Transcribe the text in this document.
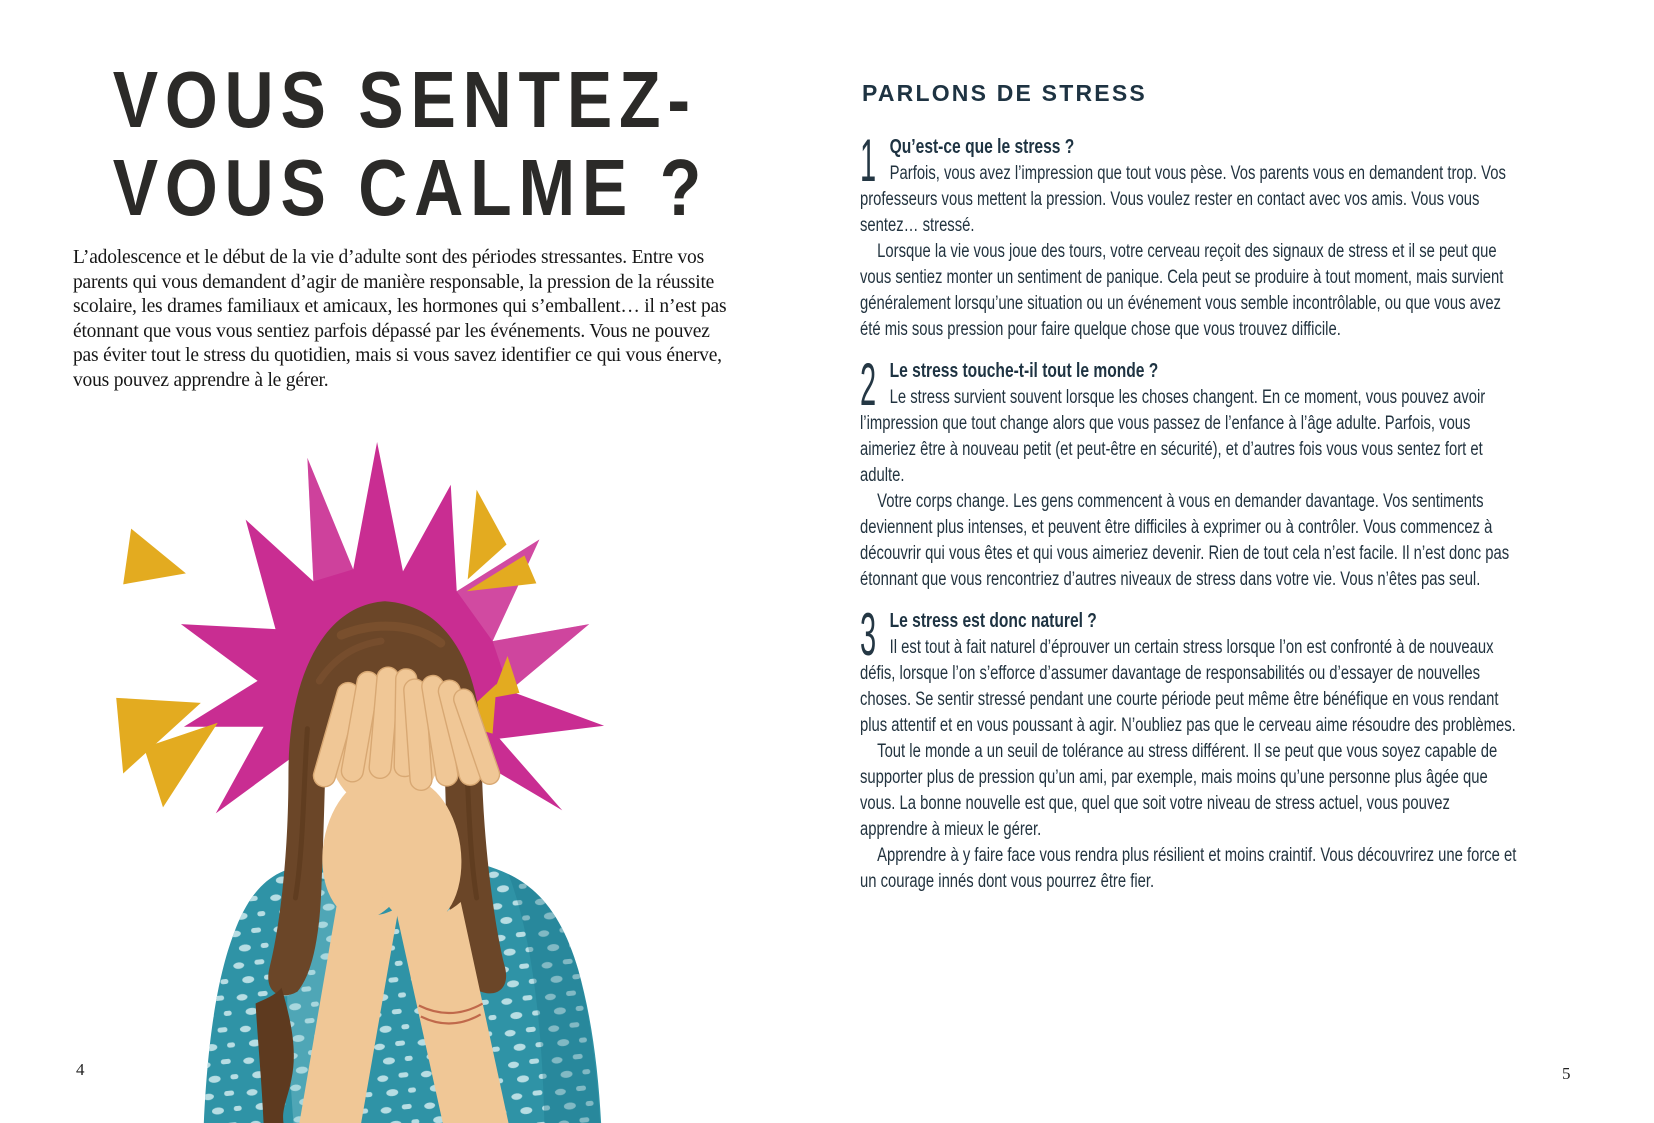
VOUS SENTEZ-
VOUS CALME ?

L’adolescence et le début de la vie d’adulte sont des périodes stressantes. Entre vos parents qui vous demandent d’agir de manière responsable, la pression de la réussite scolaire, les drames familiaux et amicaux, les hormones qui s’emballent… il n’est pas étonnant que vous vous sentiez parfois dépassé par les événements. Vous ne pouvez pas éviter tout le stress du quotidien, mais si vous savez identifier ce qui vous énerve, vous pouvez apprendre à le gérer.

4
PARLONS DE STRESS
1 Qu’est-ce que le stress ?

Parfois, vous avez l’impression que tout vous pèse. Vos parents vous en demandent trop. Vos professeurs vous mettent la pression. Vous voulez rester en contact avec vos amis. Vous vous sentez… stressé.

Lorsque la vie vous joue des tours, votre cerveau reçoit des signaux de stress et il se peut que vous sentiez monter un sentiment de panique. Cela peut se produire à tout moment, mais survient généralement lorsqu’une situation ou un événement vous semble incontrôlable, ou que vous avez été mis sous pression pour faire quelque chose que vous trouvez difficile.

2 Le stress touche-t-il tout le monde ?

Le stress survient souvent lorsque les choses changent. En ce moment, vous pouvez avoir l’impression que tout change alors que vous passez de l’enfance à l’âge adulte. Parfois, vous aimeriez être à nouveau petit (et peut-être en sécurité), et d’autres fois vous vous sentez fort et adulte.

Votre corps change. Les gens commencent à vous en demander davantage. Vos sentiments deviennent plus intenses, et peuvent être difficiles à exprimer ou à contrôler. Vous commencez à découvrir qui vous êtes et qui vous aimeriez devenir. Rien de tout cela n’est facile. Il n’est donc pas étonnant que vous rencontriez d’autres niveaux de stress dans votre vie. Vous n’êtes pas seul.

3 Le stress est donc naturel ?

Il est tout à fait naturel d’éprouver un certain stress lorsque l’on est confronté à de nouveaux défis, lorsque l’on s’efforce d’assumer davantage de responsabilités ou d’essayer de nouvelles choses. Se sentir stressé pendant une courte période peut même être bénéfique en vous rendant plus attentif et en vous poussant à agir. N’oubliez pas que le cerveau aime résoudre des problèmes.

Tout le monde a un seuil de tolérance au stress différent. Il se peut que vous soyez capable de supporter plus de pression qu’un ami, par exemple, mais moins qu’une personne plus âgée que vous. La bonne nouvelle est que, quel que soit votre niveau de stress actuel, vous pouvez apprendre à mieux le gérer.

Apprendre à y faire face vous rendra plus résilient et moins craintif. Vous découvrirez une force et un courage innés dont vous pourrez être fier.

5
